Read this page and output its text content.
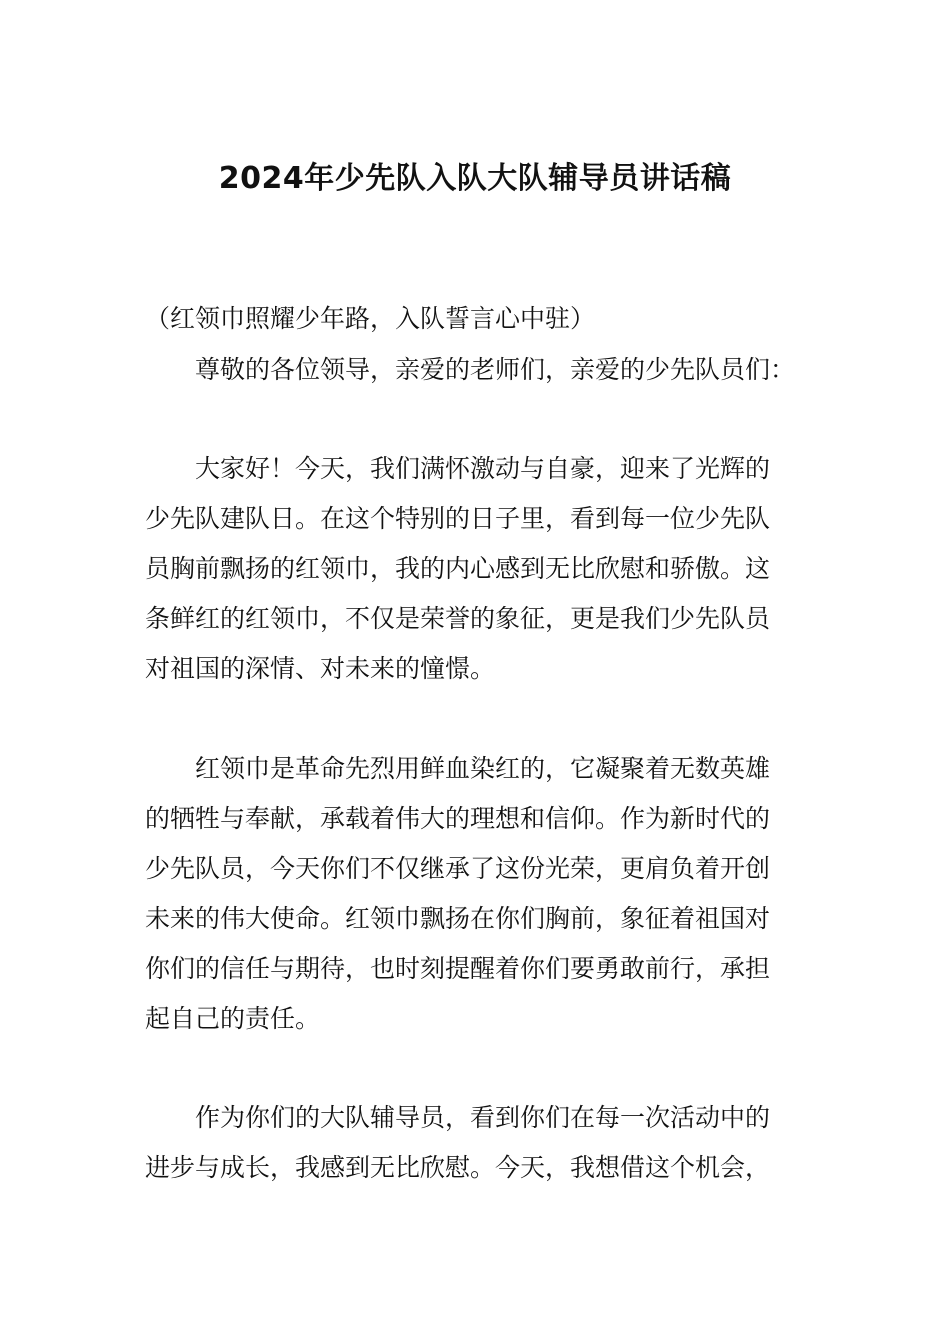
2024年少先队入队大队辅导员讲话稿
（红领巾照耀少年路，入队誓言心中驻）
尊敬的各位领导，亲爱的老师们，亲爱的少先队员们：
大家好！今天，我们满怀激动与自豪，迎来了光辉的
少先队建队日。在这个特别的日子里，看到每一位少先队
员胸前飘扬的红领巾，我的内心感到无比欣慰和骄傲。这
条鲜红的红领巾，不仅是荣誉的象征，更是我们少先队员
对祖国的深情、对未来的憧憬。
红领巾是革命先烈用鲜血染红的，它凝聚着无数英雄
的牺牲与奉献，承载着伟大的理想和信仰。作为新时代的
少先队员，今天你们不仅继承了这份光荣，更肩负着开创
未来的伟大使命。红领巾飘扬在你们胸前，象征着祖国对
你们的信任与期待，也时刻提醒着你们要勇敢前行，承担
起自己的责任。
作为你们的大队辅导员，看到你们在每一次活动中的
进步与成长，我感到无比欣慰。今天，我想借这个机会，
